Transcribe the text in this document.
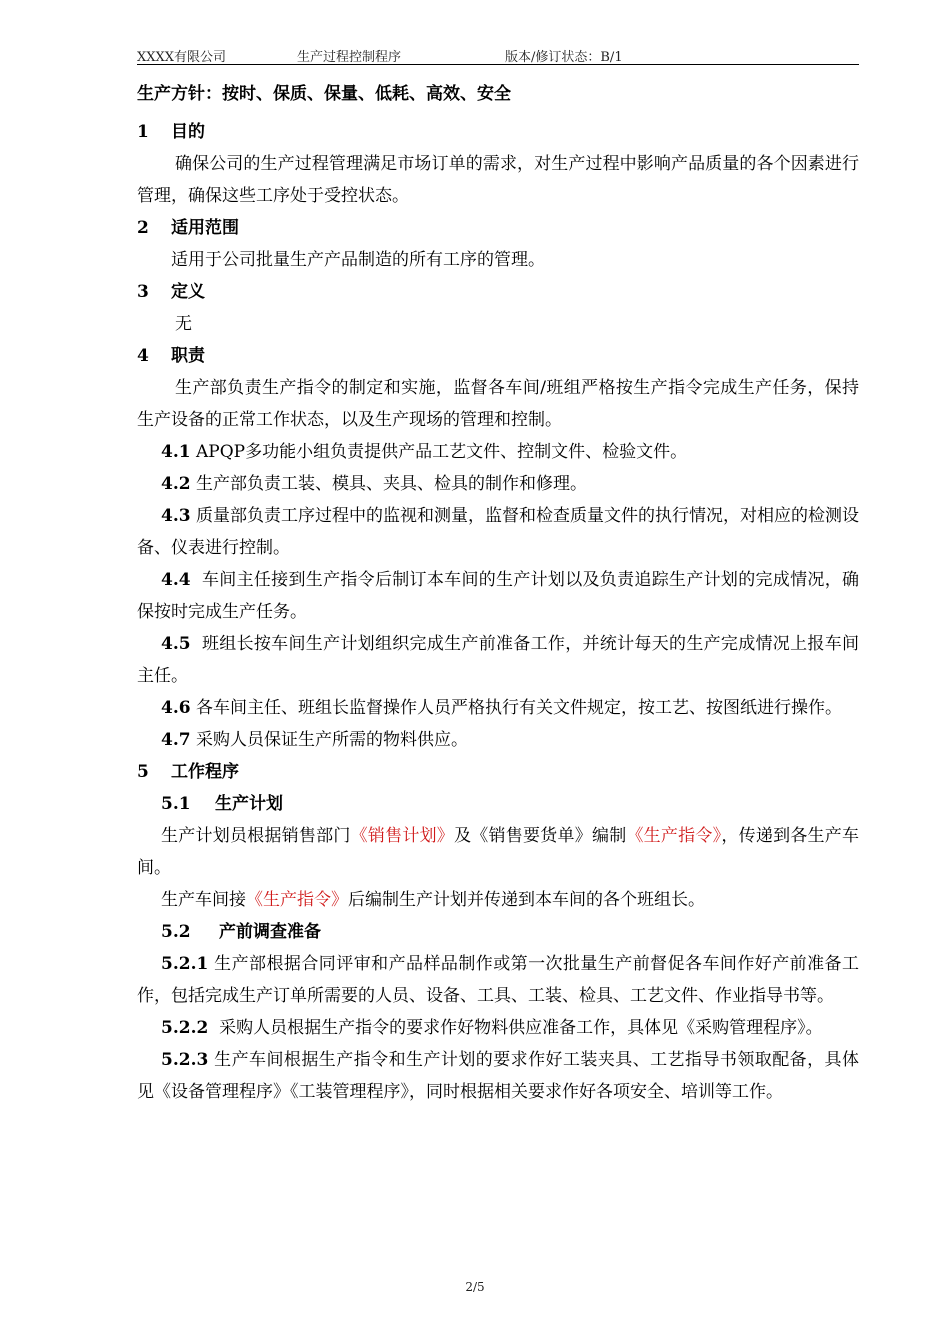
XXXX有限公司	生产过程控制程序	版本/修订状态：B/1
生产方针：按时、保质、保量、低耗、高效、安全
1 目的
确保公司的生产过程管理满足市场订单的需求，对生产过程中影响产品质量的各个因素进行管理，确保这些工序处于受控状态。
2 适用范围
适用于公司批量生产产品制造的所有工序的管理。
3 定义
无
4 职责
生产部负责生产指令的制定和实施，监督各车间/班组严格按生产指令完成生产任务，保持生产设备的正常工作状态，以及生产现场的管理和控制。
4.1 APQP多功能小组负责提供产品工艺文件、控制文件、检验文件。
4.2 生产部负责工装、模具、夹具、检具的制作和修理。
4.3 质量部负责工序过程中的监视和测量，监督和检查质量文件的执行情况，对相应的检测设备、仪表进行控制。
4.4 车间主任接到生产指令后制订本车间的生产计划以及负责追踪生产计划的完成情况，确保按时完成生产任务。
4.5 班组长按车间生产计划组织完成生产前准备工作，并统计每天的生产完成情况上报车间主任。
4.6 各车间主任、班组长监督操作人员严格执行有关文件规定，按工艺、按图纸进行操作。
4.7 采购人员保证生产所需的物料供应。
5 工作程序
5.1 生产计划
生产计划员根据销售部门《销售计划》及《销售要货单》编制《生产指令》，传递到各生产车间。
生产车间接《生产指令》后编制生产计划并传递到本车间的各个班组长。
5.2 产前调查准备
5.2.1 生产部根据合同评审和产品样品制作或第一次批量生产前督促各车间作好产前准备工作，包括完成生产订单所需要的人员、设备、工具、工装、检具、工艺文件、作业指导书等。
5.2.2 采购人员根据生产指令的要求作好物料供应准备工作，具体见《采购管理程序》。
5.2.3 生产车间根据生产指令和生产计划的要求作好工装夹具、工艺指导书领取配备，具体见《设备管理程序》《工装管理程序》，同时根据相关要求作好各项安全、培训等工作。
2/5
